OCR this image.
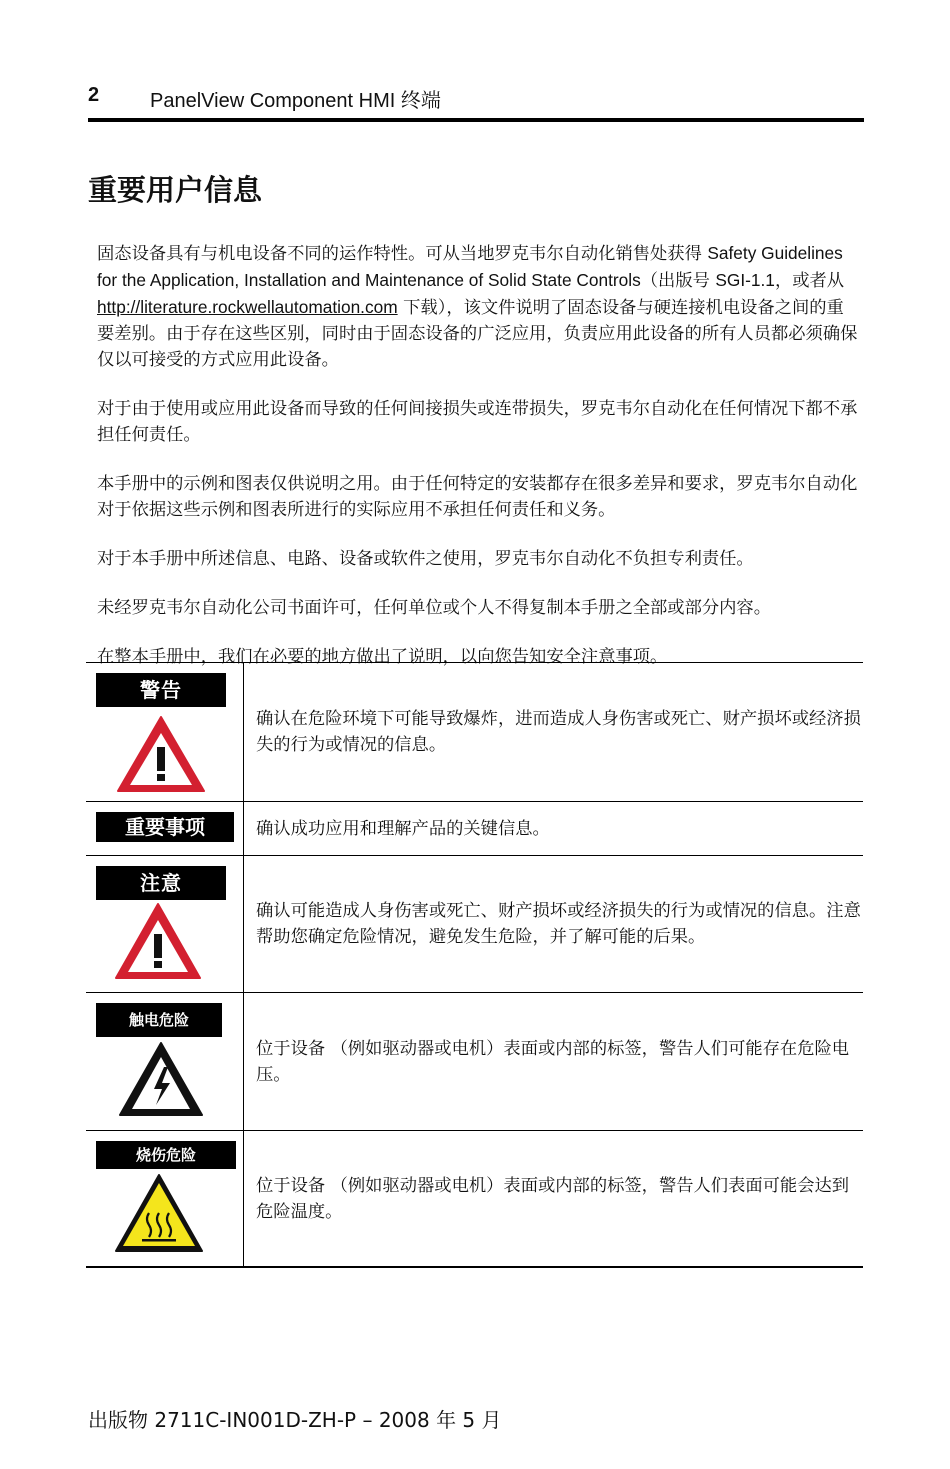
2	PanelView Component HMI 终端
重要用户信息

固态设备具有与机电设备不同的运作特性。可从当地罗克韦尔自动化销售处获得 Safety Guidelines for the Application, Installation and Maintenance of Solid State Controls（出版号 SGI-1.1，或者从 http://literature.rockwellautomation.com 下载），该文件说明了固态设备与硬连接机电设备之间的重要差别。由于存在这些区别，同时由于固态设备的广泛应用，负责应用此设备的所有人员都必须确保仅以可接受的方式应用此设备。

对于由于使用或应用此设备而导致的任何间接损失或连带损失，罗克韦尔自动化在任何情况下都不承担任何责任。

本手册中的示例和图表仅供说明之用。由于任何特定的安装都存在很多差异和要求，罗克韦尔自动化对于依据这些示例和图表所进行的实际应用不承担任何责任和义务。

对于本手册中所述信息、电路、设备或软件之使用，罗克韦尔自动化不负担专利责任。

未经罗克韦尔自动化公司书面许可，任何单位或个人不得复制本手册之全部或部分内容。

在整本手册中，我们在必要的地方做出了说明，以向您告知安全注意事项。

警告
确认在危险环境下可能导致爆炸，进而造成人身伤害或死亡、财产损坏或经济损失的行为或情况的信息。
重要事项	确认成功应用和理解产品的关键信息。
注意
确认可能造成人身伤害或死亡、财产损坏或经济损失的行为或情况的信息。注意帮助您确定危险情况，避免发生危险，并了解可能的后果。
触电危险
位于设备 （例如驱动器或电机）表面或内部的标签，警告人们可能存在危险电压。
烧伤危险
位于设备 （例如驱动器或电机）表面或内部的标签，警告人们表面可能会达到危险温度。
出版物 2711C-IN001D-ZH-P – 2008 年 5 月
